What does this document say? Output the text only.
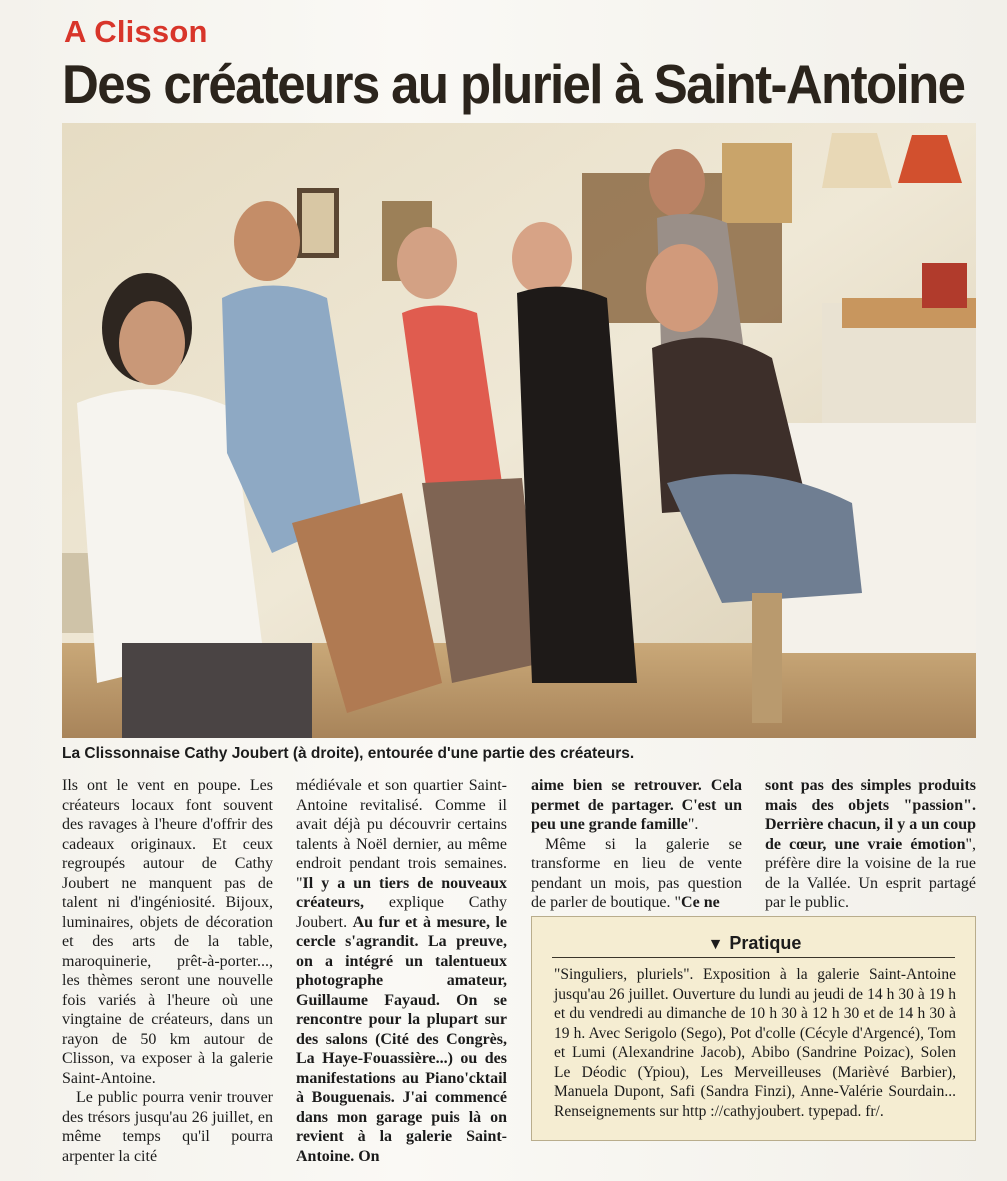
A Clisson
Des créateurs au pluriel à Saint-Antoine
La Clissonnaise Cathy Joubert (à droite), entourée d'une partie des créateurs.

Ils ont le vent en poupe. Les créateurs locaux font souvent des ravages à l'heure d'offrir des cadeaux originaux. Et ceux regroupés autour de Cathy Joubert ne manquent pas de talent ni d'ingéniosité. Bijoux, luminaires, objets de décoration et des arts de la table, maroquinerie, prêt-à-porter..., les thèmes seront une nouvelle fois variés à l'heure où une vingtaine de créateurs, dans un rayon de 50 km autour de Clisson, va exposer à la galerie Saint-Antoine.

Le public pourra venir trouver des trésors jusqu'au 26 juillet, en même temps qu'il pourra arpenter la cité

médiévale et son quartier Saint-Antoine revitalisé. Comme il avait déjà pu découvrir certains talents à Noël dernier, au même endroit pendant trois semaines. "Il y a un tiers de nouveaux créateurs, explique Cathy Joubert. Au fur et à mesure, le cercle s'agrandit. La preuve, on a intégré un talentueux photographe amateur, Guillaume Fayaud. On se rencontre pour la plupart sur des salons (Cité des Congrès, La Haye-Fouassière...) ou des manifestations au Piano'cktail à Bouguenais. J'ai commencé dans mon garage puis là on revient à la galerie Saint-Antoine. On

aime bien se retrouver. Cela permet de partager. C'est un peu une grande famille".

Même si la galerie se transforme en lieu de vente pendant un mois, pas question de parler de boutique. "Ce ne

sont pas des simples produits mais des objets "passion". Derrière chacun, il y a un coup de cœur, une vraie émotion", préfère dire la voisine de la rue de la Vallée. Un esprit partagé par le public.

▼ Pratique
"Singuliers, pluriels". Exposition à la galerie Saint-Antoine jusqu'au 26 juillet. Ouverture du lundi au jeudi de 14 h 30 à 19 h et du vendredi au dimanche de 10 h 30 à 12 h 30 et de 14 h 30 à 19 h. Avec Serigolo (Sego), Pot d'colle (Cécyle d'Argencé), Tom et Lumi (Alexandrine Jacob), Abibo (Sandrine Poizac), Solen Le Déodic (Ypiou), Les Merveilleuses (Marièvé Barbier), Manuela Dupont, Safi (Sandra Finzi), Anne-Valérie Sourdain... Renseignements sur http ://cathyjoubert. typepad. fr/.
